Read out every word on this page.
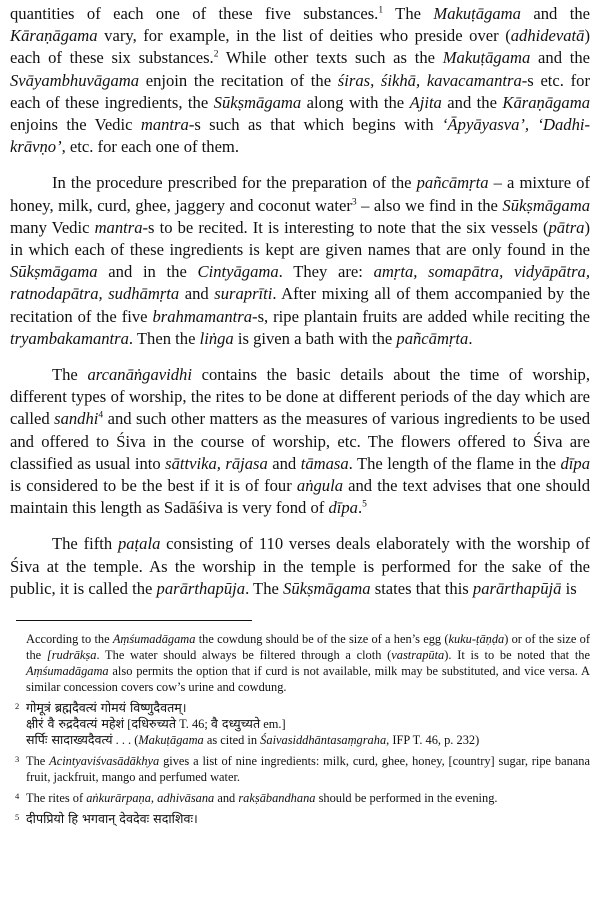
quantities of each one of these five substances.$^1$ The Makuṭāgama and the Kāraṇāgama vary, for example, in the list of deities who preside over (adhidevatā) each of these six substances.$^2$ While other texts such as the Makuṭāgama and the Svāyambhuvāgama enjoin the recitation of the śiras, śikhā, kavacamantra-s etc. for each of these ingredients, the Sūkṣmāgama along with the Ajita and the Kāraṇāgama enjoins the Vedic mantra-s such as that which begins with ‘Āpyāyasva’, ‘Dadhi-krāvṇo’, etc. for each one of them.

In the procedure prescribed for the preparation of the pañcāmṛta – a mixture of honey, milk, curd, ghee, jaggery and coconut water$^3$ – also we find in the Sūkṣmāgama many Vedic mantra-s to be recited. It is interesting to note that the six vessels (pātra) in which each of these ingredients is kept are given names that are only found in the Sūkṣmāgama and in the Cintyāgama. They are: amṛta, somapātra, vidyāpātra, ratnodapātra, sudhāmṛta and suraprīti. After mixing all of them accompanied by the recitation of the five brahmamantra-s, ripe plantain fruits are added while reciting the tryambakamantra. Then the liṅga is given a bath with the pañcāmṛta.

The arcanāṅgavidhi contains the basic details about the time of worship, different types of worship, the rites to be done at different periods of the day which are called sandhi$^4$ and such other matters as the measures of various ingredients to be used and offered to Śiva in the course of worship, etc. The flowers offered to Śiva are classified as usual into sāttvika, rājasa and tāmasa. The length of the flame in the dīpa is considered to be the best if it is of four aṅgula and the text advises that one should maintain this length as Sadāśiva is very fond of dīpa.$^5$

The fifth paṭala consisting of 110 verses deals elaborately with the worship of Śiva at the temple. As the worship in the temple is performed for the sake of the public, it is called the parārthapūja. The Sūkṣmāgama states that this parārthapūjā is

According to the Aṃśumadāgama the cowdung should be of the size of a hen’s egg (kuku-ṭāṇḍa) or of the size of the [rudrākṣa. The water should always be filtered through a cloth (vastrapūta). It is to be noted that the Aṃśumadāgama also permits the option that if curd is not available, milk may be substituted, and vice versa. A similar concession covers cow’s urine and cowdung.
2 गोमूत्रं ब्रह्मदैवत्यं गोमयं विष्णुदैवतम्।
क्षीरं वै रुद्रदैवत्यं महेशं [दधिरुच्यते T. 46; वै दध्युच्यते em.]
सर्पिः सादाख्यदैवत्यं . . . (Makuṭāgama as cited in Śaivasiddhāntasaṃgraha, IFP T. 46, p. 232)
3 The Acintyaviśvasādākhya gives a list of nine ingredients: milk, curd, ghee, honey, [country] sugar, ripe banana fruit, jackfruit, mango and perfumed water.
4 The rites of aṅkurārpaṇa, adhivāsana and rakṣābandhana should be performed in the evening.
5 दीपप्रियो हि भगवान् देवदेवः सदाशिवः।
